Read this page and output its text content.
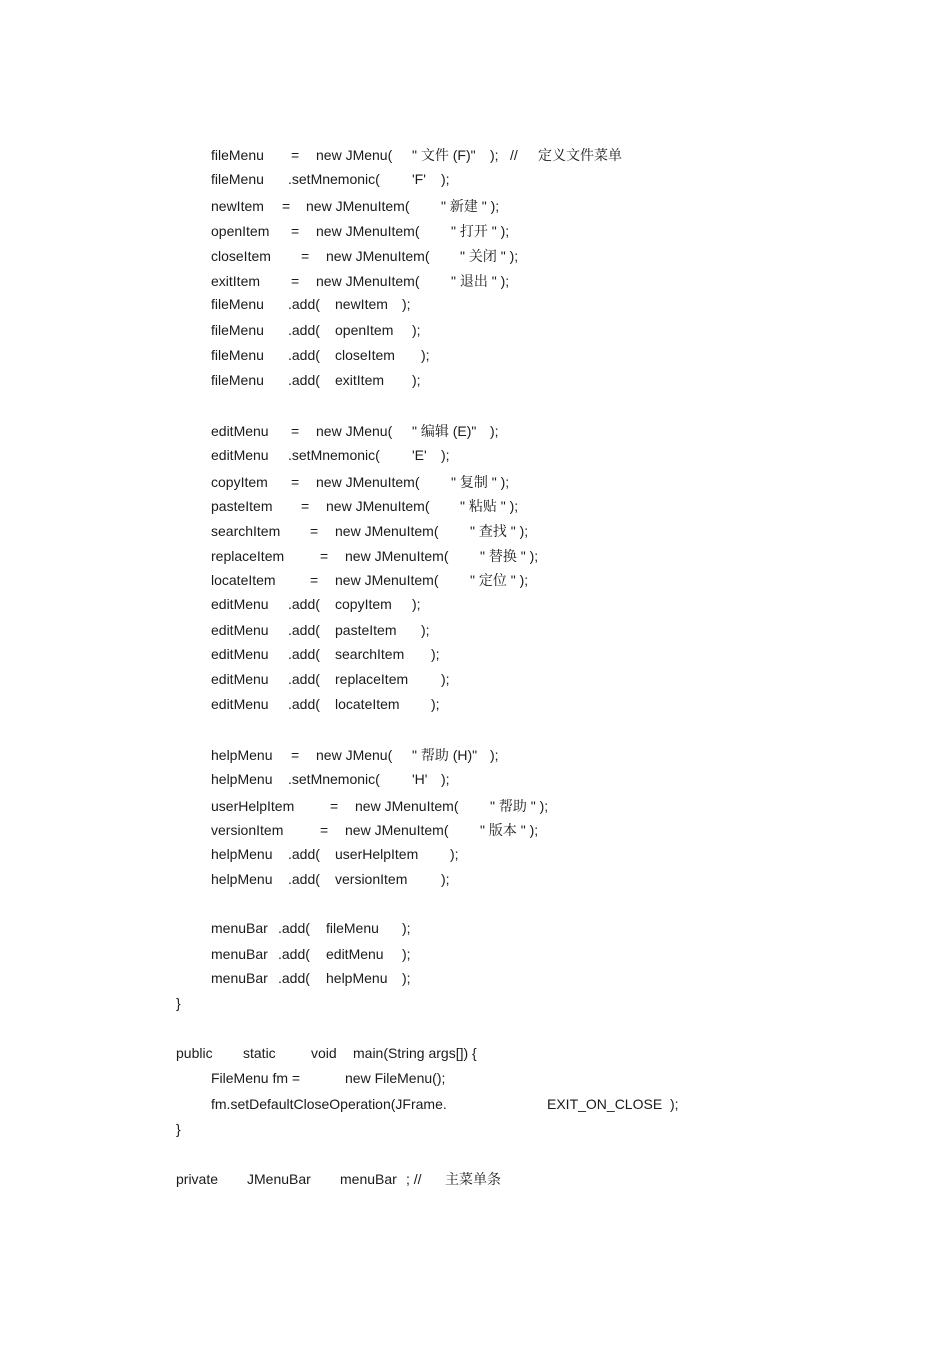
fileMenu = new JMenu( " 文件 (F)" ); // 定义文件菜单
fileMenu .setMnemonic( 'F' );
newItem = new JMenuItem( " 新建 " );
openItem = new JMenuItem( " 打开 " );
closeItem = new JMenuItem( " 关闭 " );
exitItem = new JMenuItem( " 退出 " );
fileMenu .add( newItem );
fileMenu .add( openItem );
fileMenu .add( closeItem );
fileMenu .add( exitItem );
editMenu = new JMenu( " 编辑 (E)" );
editMenu .setMnemonic( 'E' );
copyItem = new JMenuItem( " 复制 " );
pasteItem = new JMenuItem( " 粘贴 " );
searchItem = new JMenuItem( " 查找 " );
replaceItem	= new JMenuItem( " 替换 " );
locateItem = new JMenuItem( " 定位 " );
editMenu .add( copyItem );
editMenu .add( pasteItem );
editMenu .add( searchItem );
editMenu .add( replaceItem );
editMenu .add( locateItem );
helpMenu = new JMenu( " 帮助 (H)" );
helpMenu .setMnemonic( 'H' );
userHelpItem	= new JMenuItem( " 帮助 " );
versionItem	= new JMenuItem( " 版本 " );
helpMenu .add( userHelpItem );
helpMenu .add( versionItem );
menuBar .add( fileMenu );
menuBar .add( editMenu );
menuBar .add( helpMenu );
}
public static	void main(String args[]) {
FileMenu fm =	new FileMenu();
fm.setDefaultCloseOperation(JFrame.	EXIT_ON_CLOSE );
}
private JMenuBar menuBar ; // 主菜单条
